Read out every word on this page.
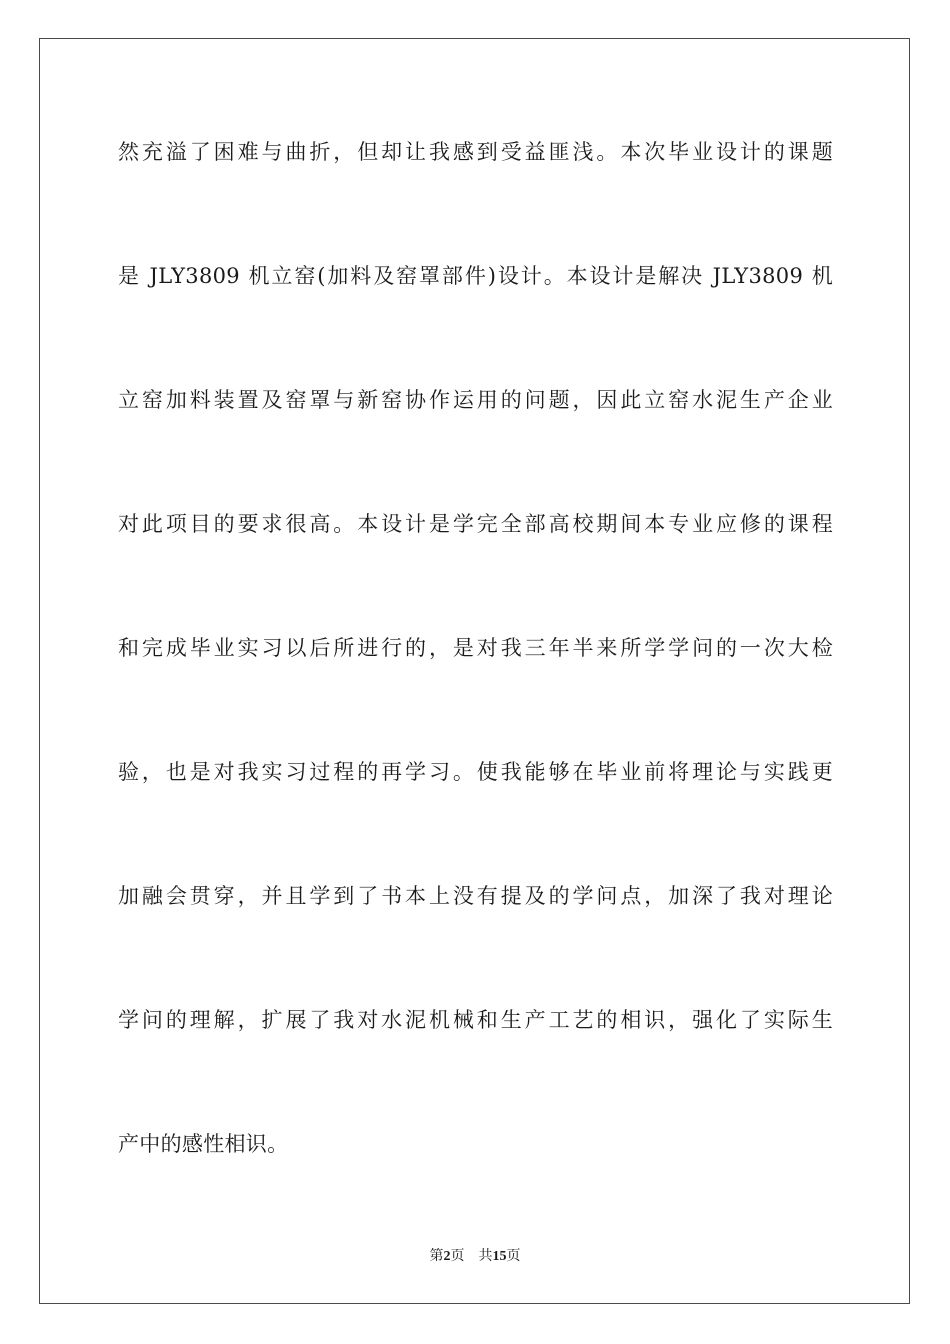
然充溢了困难与曲折，但却让我感到受益匪浅。本次毕业设计的课题
是 JLY3809 机立窑(加料及窑罩部件)设计。本设计是解决 JLY3809 机
立窑加料装置及窑罩与新窑协作运用的问题，因此立窑水泥生产企业
对此项目的要求很高。本设计是学完全部高校期间本专业应修的课程
和完成毕业实习以后所进行的，是对我三年半来所学学问的一次大检
验，也是对我实习过程的再学习。使我能够在毕业前将理论与实践更
加融会贯穿，并且学到了书本上没有提及的学问点，加深了我对理论
学问的理解，扩展了我对水泥机械和生产工艺的相识，强化了实际生
产中的感性相识。
第2页 共15页
